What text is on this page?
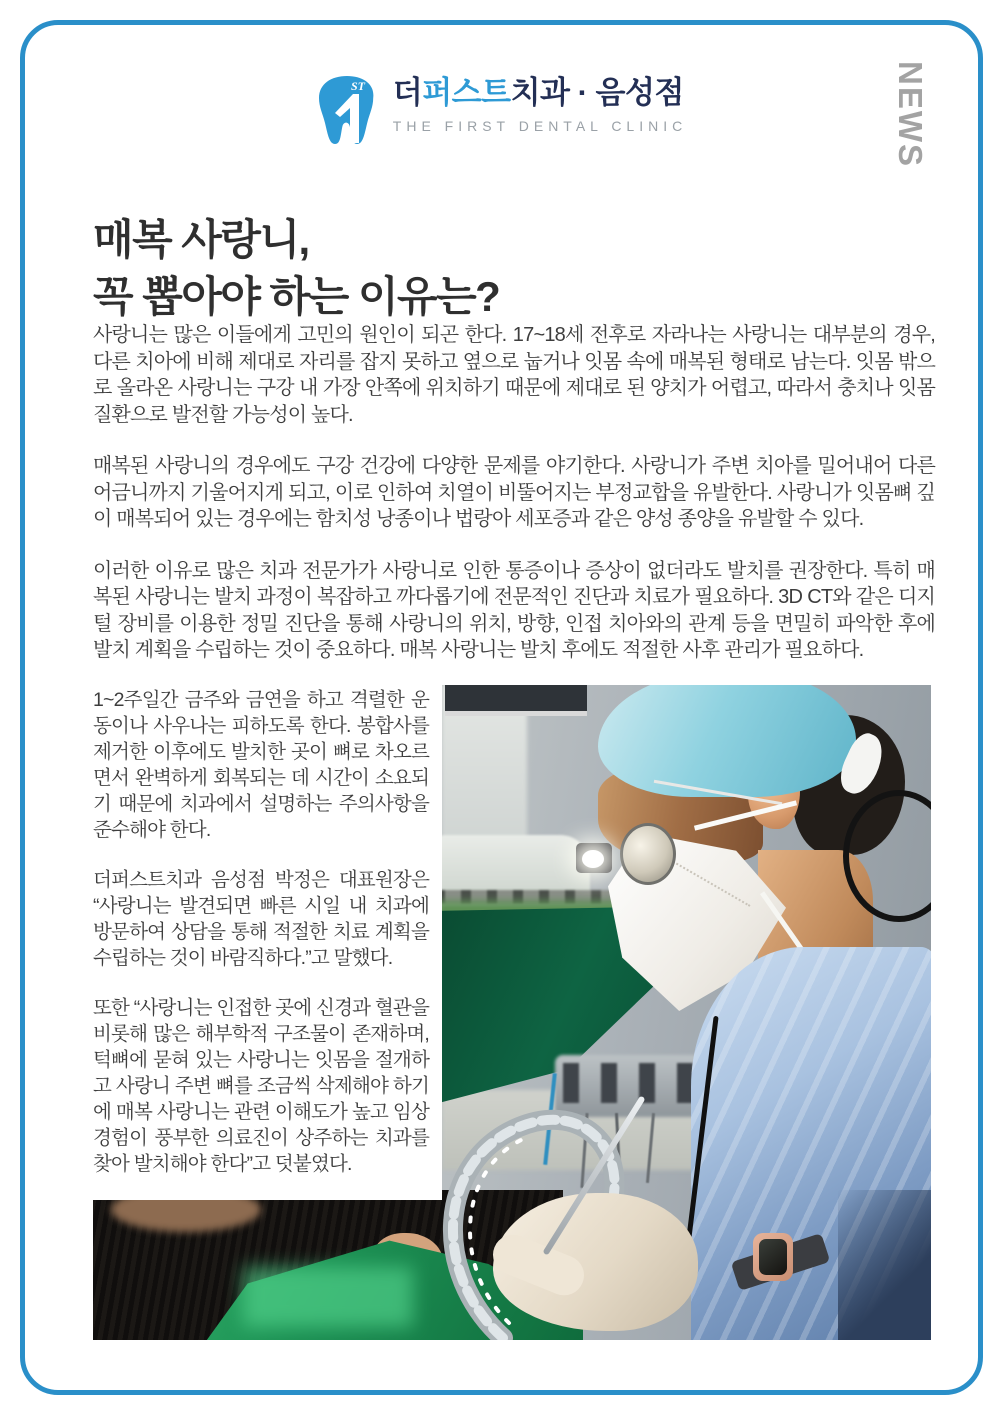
ST 더퍼스트치과 · 음성점
THE FIRST DENTAL CLINIC	NEWS
매복 사랑니,
꼭 뽑아야 하는 이유는?

사랑니는 많은 이들에게 고민의 원인이 되곤 한다. 17~18세 전후로 자라나는 사랑니는 대부분의 경우, 다른 치아에 비해 제대로 자리를 잡지 못하고 옆으로 눕거나 잇몸 속에 매복된 형태로 남는다. 잇몸 밖으로 올라온 사랑니는 구강 내 가장 안쪽에 위치하기 때문에 제대로 된 양치가 어렵고, 따라서 충치나 잇몸 질환으로 발전할 가능성이 높다.

매복된 사랑니의 경우에도 구강 건강에 다양한 문제를 야기한다. 사랑니가 주변 치아를 밀어내어 다른 어금니까지 기울어지게 되고, 이로 인하여 치열이 비뚤어지는 부정교합을 유발한다. 사랑니가 잇몸뼈 깊이 매복되어 있는 경우에는 함치성 낭종이나 법랑아 세포증과 같은 양성 종양을 유발할 수 있다.

이러한 이유로 많은 치과 전문가가 사랑니로 인한 통증이나 증상이 없더라도 발치를 권장한다. 특히 매복된 사랑니는 발치 과정이 복잡하고 까다롭기에 전문적인 진단과 치료가 필요하다. 3D CT와 같은 디지털 장비를 이용한 정밀 진단을 통해 사랑니의 위치, 방향, 인접 치아와의 관계 등을 면밀히 파악한 후에 발치 계획을 수립하는 것이 중요하다. 매복 사랑니는 발치 후에도 적절한 사후 관리가 필요하다.

1~2주일간 금주와 금연을 하고 격렬한 운동이나 사우나는 피하도록 한다. 봉합사를 제거한 이후에도 발치한 곳이 뼈로 차오르면서 완벽하게 회복되는 데 시간이 소요되기 때문에 치과에서 설명하는 주의사항을 준수해야 한다.

더퍼스트치과 음성점 박정은 대표원장은 “사랑니는 발견되면 빠른 시일 내 치과에 방문하여 상담을 통해 적절한 치료 계획을 수립하는 것이 바람직하다.”고 말했다.

또한 “사랑니는 인접한 곳에 신경과 혈관을 비롯해 많은 해부학적 구조물이 존재하며, 턱뼈에 묻혀 있는 사랑니는 잇몸을 절개하고 사랑니 주변 뼈를 조금씩 삭제해야 하기에 매복 사랑니는 관련 이해도가 높고 임상 경험이 풍부한 의료진이 상주하는 치과를 찾아 발치해야 한다”고 덧붙였다.
